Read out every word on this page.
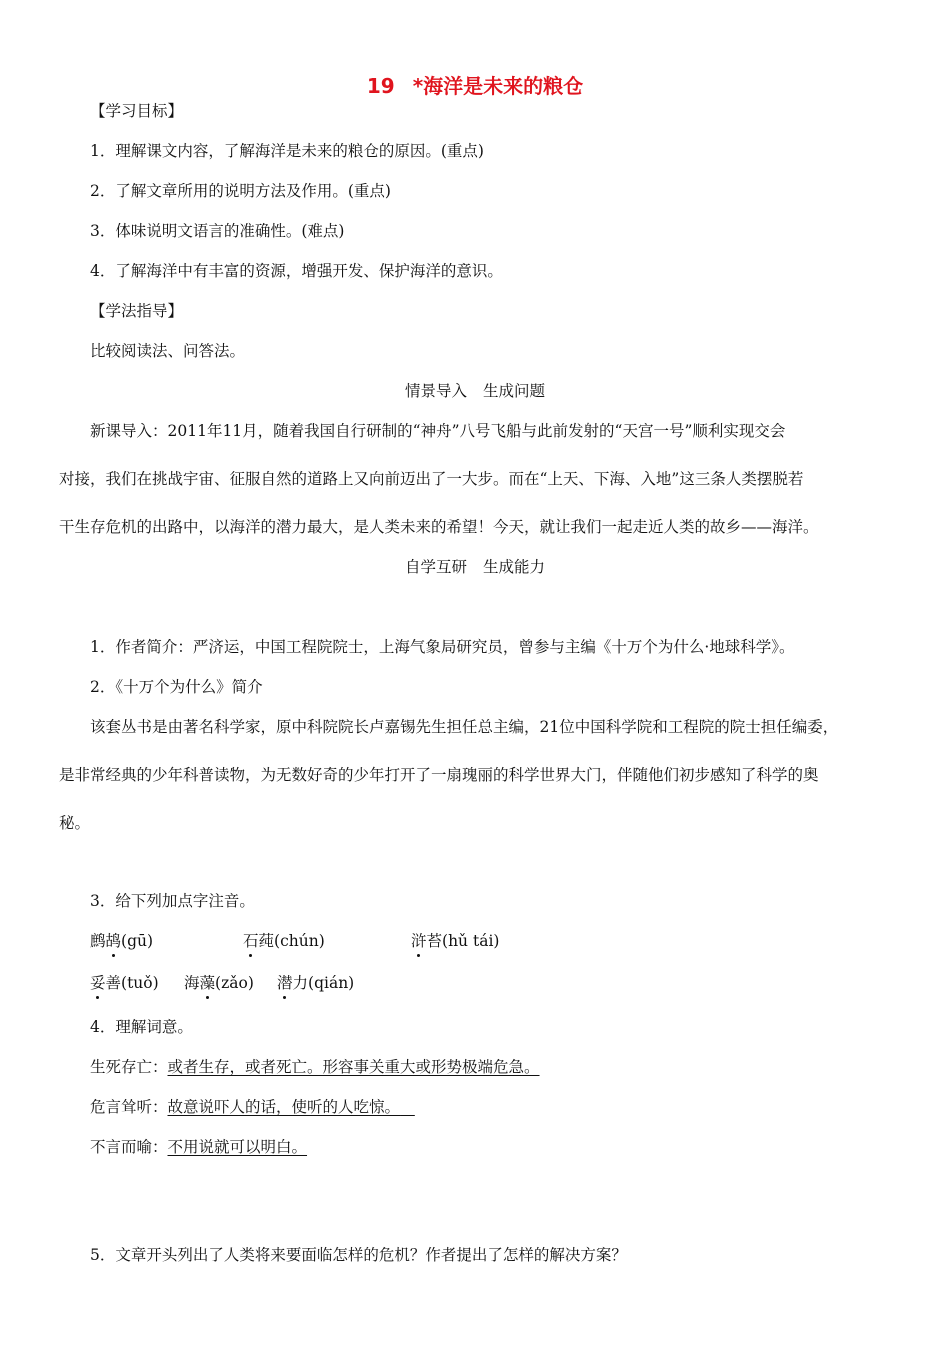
19 *海洋是未来的粮仓
【学习目标】
1．理解课文内容，了解海洋是未来的粮仓的原因。(重点)
2．了解文章所用的说明方法及作用。(重点)
3．体味说明文语言的准确性。(难点)
4．了解海洋中有丰富的资源，增强开发、保护海洋的意识。
【学法指导】
比较阅读法、问答法。
情景导入 生成问题
新课导入：2011年11月，随着我国自行研制的“神舟”八号飞船与此前发射的“天宫一号”顺利实现交会
对接，我们在挑战宇宙、征服自然的道路上又向前迈出了一大步。而在“上天、下海、入地”这三条人类摆脱若
干生存危机的出路中，以海洋的潜力最大，是人类未来的希望！今天，就让我们一起走近人类的故乡——海洋。
自学互研 生成能力
1．作者简介：严济运，中国工程院院士，上海气象局研究员，曾参与主编《十万个为什么·地球科学》。
2．《十万个为什么》简介
该套丛书是由著名科学家，原中科院院长卢嘉锡先生担任总主编，21位中国科学院和工程院的院士担任编委，
是非常经典的少年科普读物，为无数好奇的少年打开了一扇瑰丽的科学世界大门，伴随他们初步感知了科学的奥
秘。
3．给下列加点字注音。
鹧鸪(gū)	石莼(chún)	浒苔(hǔ tái)
妥善(tuǒ) 海藻(zǎo) 潜力(qián)
4．理解词意。
生死存亡：或者生存，或者死亡。形容事关重大或形势极端危急。
危言耸听：故意说吓人的话，使听的人吃惊。
不言而喻：不用说就可以明白。
5．文章开头列出了人类将来要面临怎样的危机？作者提出了怎样的解决方案？
